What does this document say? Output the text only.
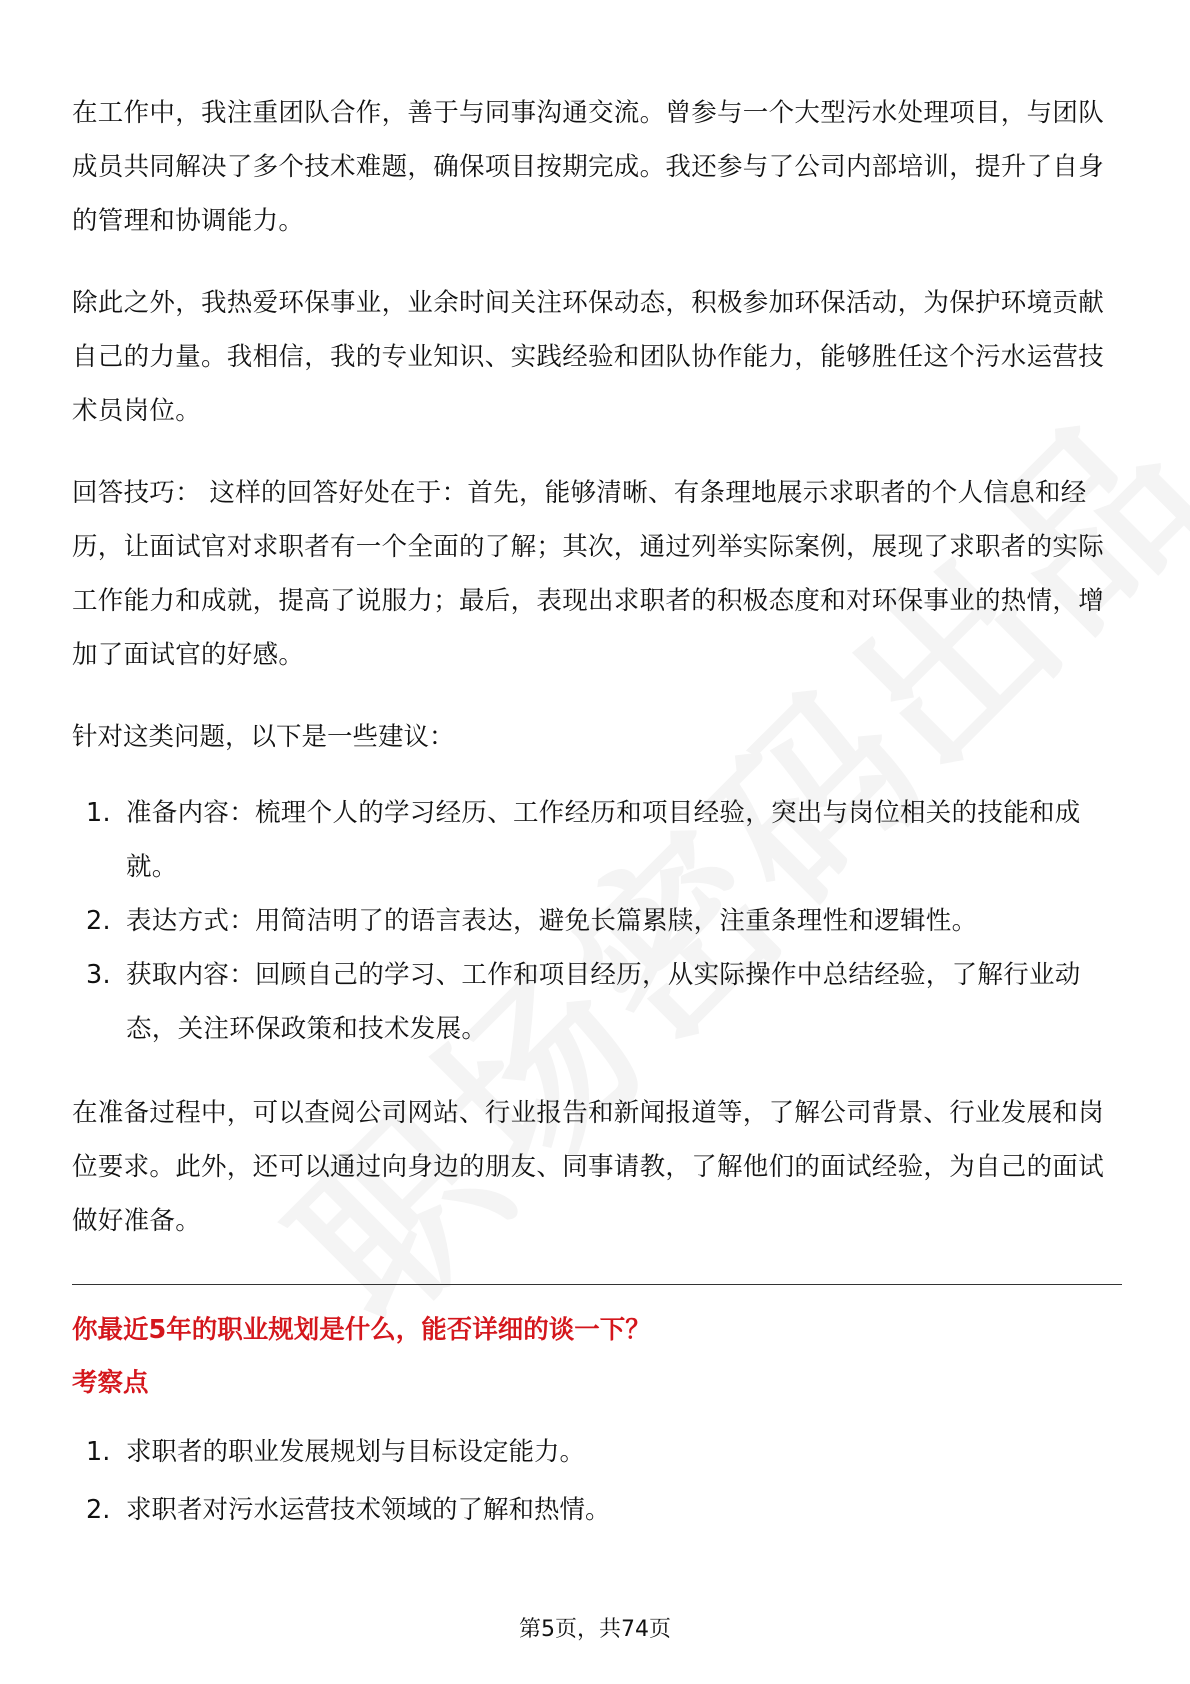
在工作中，我注重团队合作，善于与同事沟通交流。曾参与一个大型污水处理项目，与团队成员共同解决了多个技术难题，确保项目按期完成。我还参与了公司内部培训，提升了自身的管理和协调能力。

除此之外，我热爱环保事业，业余时间关注环保动态，积极参加环保活动，为保护环境贡献自己的力量。我相信，我的专业知识、实践经验和团队协作能力，能够胜任这个污水运营技术员岗位。

回答技巧： 这样的回答好处在于：首先，能够清晰、有条理地展示求职者的个人信息和经历，让面试官对求职者有一个全面的了解；其次，通过列举实际案例，展现了求职者的实际工作能力和成就，提高了说服力；最后，表现出求职者的积极态度和对环保事业的热情，增加了面试官的好感。

针对这类问题，以下是一些建议：

1. 准备内容：梳理个人的学习经历、工作经历和项目经验，突出与岗位相关的技能和成就。
2. 表达方式：用简洁明了的语言表达，避免长篇累牍，注重条理性和逻辑性。
3. 获取内容：回顾自己的学习、工作和项目经历，从实际操作中总结经验，了解行业动态，关注环保政策和技术发展。

在准备过程中，可以查阅公司网站、行业报告和新闻报道等，了解公司背景、行业发展和岗位要求。此外，还可以通过向身边的朋友、同事请教，了解他们的面试经验，为自己的面试做好准备。

你最近5年的职业规划是什么，能否详细的谈一下？

考察点

1. 求职者的职业发展规划与目标设定能力。
2. 求职者对污水运营技术领域的了解和热情。
第5页，共74页
